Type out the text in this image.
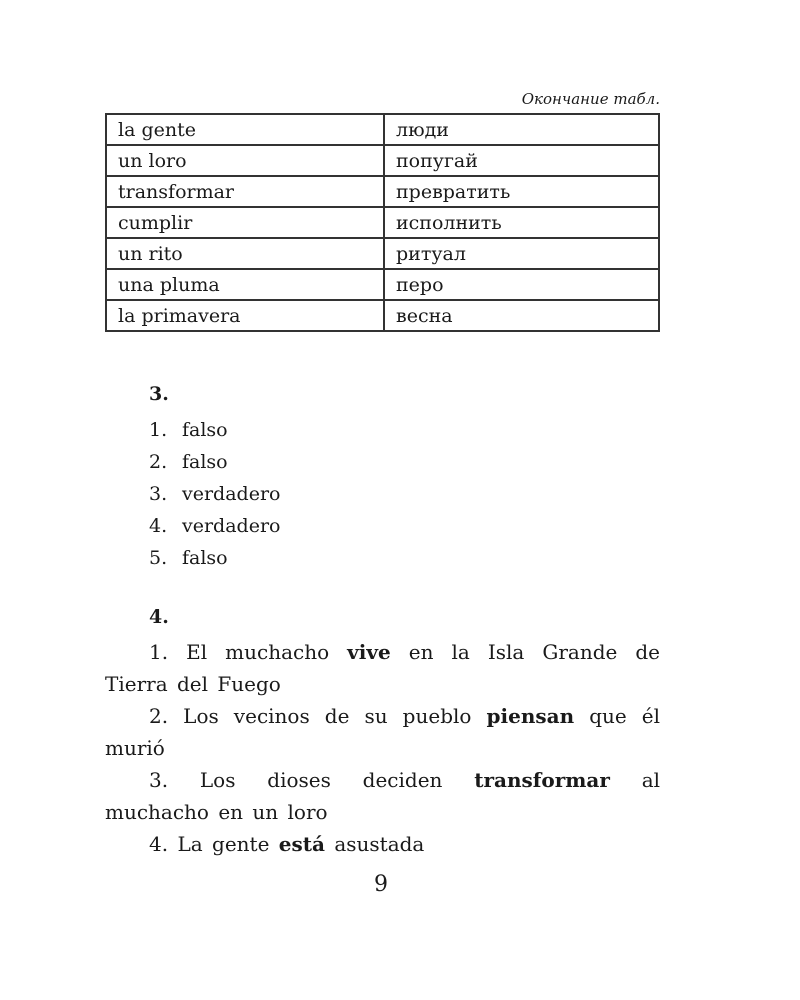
Окончание табл.
la gente	люди
un loro	попугай
transformar	превратить
cumplir	исполнить
un rito	ритуал
una pluma	перо
la primavera	весна
3.
1. falso
2. falso
3. verdadero
4. verdadero
5. falso
4.

1. El muchacho vive en la Isla Grande de Tierra del Fuego

2. Los vecinos de su pueblo piensan que él murió

3. Los dioses deciden transformar al muchacho en un loro

4. La gente está asustada

9
